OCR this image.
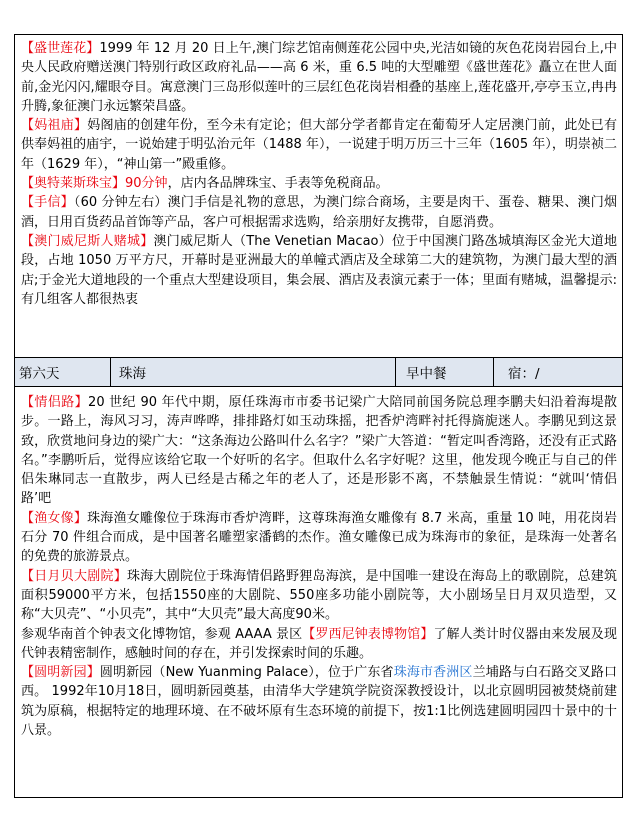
【盛世莲花】1999 年 12 月 20 日上午,澳门综艺馆南侧莲花公园中央,光洁如镜的灰色花岗岩园台上,中央人民政府赠送澳门特别行政区政府礼品——高 6 米，重 6.5 吨的大型雕塑《盛世莲花》矗立在世人面前,金光闪闪,耀眼夺目。寓意澳门三岛形似莲叶的三层红色花岗岩相叠的基座上,莲花盛开,亭亭玉立,冉冉升腾,象征澳门永远繁荣昌盛。

【妈祖庙】妈阁庙的创建年份，至今未有定论；但大部分学者都肯定在葡萄牙人定居澳门前，此处已有供奉妈祖的庙宇，一说始建于明弘治元年（1488 年），一说建于明万历三十三年（1605 年），明崇祯二年（1629 年），“神山第一”殿重修。

【奥特莱斯珠宝】90分钟，店内各品牌珠宝、手表等免税商品。

【手信】（60 分钟左右）澳门手信是礼物的意思，为澳门综合商场，主要是肉干、蛋卷、糖果、澳门烟酒，日用百货药品首饰等产品，客户可根据需求选购，给亲朋好友携带，自愿消费。

【澳门威尼斯人赌城】澳门威尼斯人（The Venetian Macao）位于中国澳门路氹城填海区金光大道地段，占地 1050 万平方尺，开幕时是亚洲最大的单幢式酒店及全球第二大的建筑物，为澳门最大型的酒店;于金光大道地段的一个重点大型建设项目，集会展、酒店及表演元素于一体；里面有赌城，温馨提示:有几组客人都很热衷

第六天	珠海	早中餐	宿：/

【情侣路】20 世纪 90 年代中期，原任珠海市市委书记梁广大陪同前国务院总理李鹏夫妇沿着海堤散步。一路上，海风习习，涛声哗哗，排排路灯如玉动珠摇，把香炉湾畔衬托得旖旎迷人。李鹏见到这景致，欣赏地问身边的梁广大：“这条海边公路叫什么名字？”梁广大答道：“暂定叫香湾路，还没有正式路名。”李鹏听后，觉得应该给它取一个好听的名字。但取什么名字好呢？这里，他发现今晚正与自己的伴侣朱琳同志一直散步，两人已经是古稀之年的老人了，还是形影不离，不禁触景生情说：“就叫‘情侣路’吧

【渔女像】珠海渔女雕像位于珠海市香炉湾畔，这尊珠海渔女雕像有 8.7 米高，重量 10 吨，用花岗岩石分 70 件组合而成，是中国著名雕塑家潘鹤的杰作。渔女雕像已成为珠海市的象征，是珠海一处著名的免费的旅游景点。

【日月贝大剧院】珠海大剧院位于珠海情侣路野狸岛海滨，是中国唯一建设在海岛上的歌剧院，总建筑面积59000平方米，包括1550座的大剧院、550座多功能小剧院等，大小剧场呈日月双贝造型，又称“大贝壳”、“小贝壳”，其中“大贝壳”最大高度90米。

参观华南首个钟表文化博物馆，参观 AAAA 景区【罗西尼钟表博物馆】了解人类计时仪器由来发展及现代钟表精密制作，感触时间的存在，并引发探索时间的乐趣。

【圆明新园】圆明新园（New Yuanming Palace），位于广东省珠海市香洲区兰埔路与白石路交叉路口西。 1992年10月18日，圆明新园奠基，由清华大学建筑学院资深教授设计，以北京圆明园被焚烧前建筑为原稿，根据特定的地理环境、在不破坏原有生态环境的前提下，按1:1比例选建圆明园四十景中的十八景。
